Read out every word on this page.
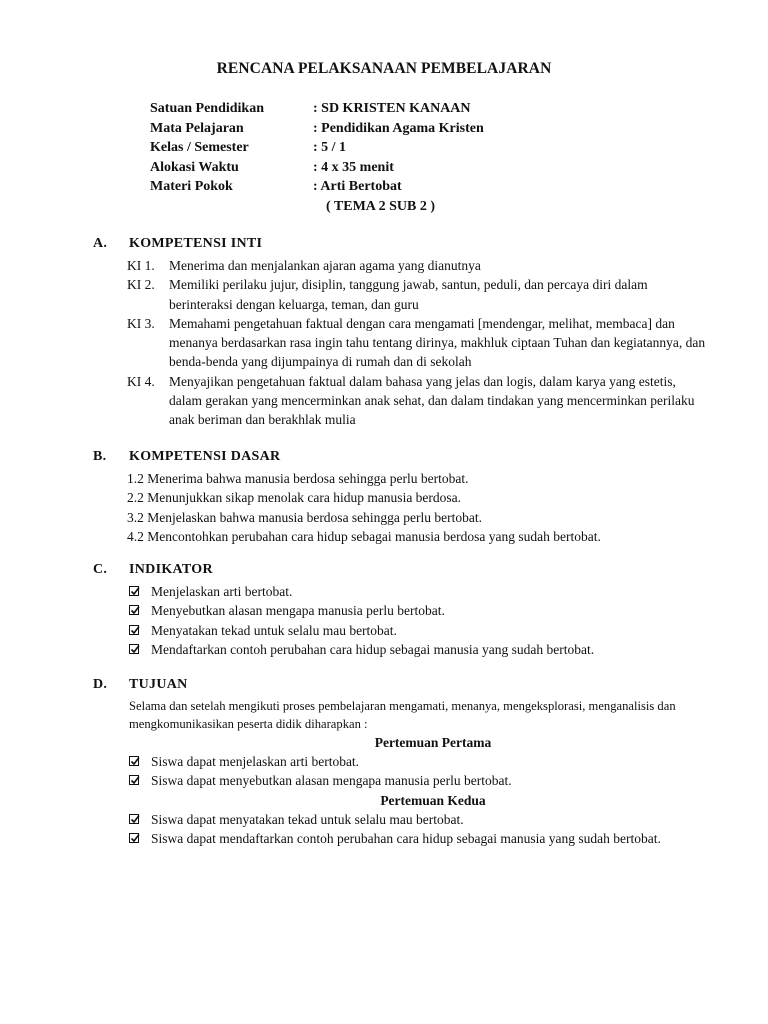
RENCANA PELAKSANAAN PEMBELAJARAN
Satuan Pendidikan	: SD KRISTEN KANAAN
Mata Pelajaran	: Pendidikan Agama Kristen
Kelas / Semester	: 5 / 1
Alokasi Waktu	: 4 x 35 menit
Materi Pokok	: Arti Bertobat
( TEMA 2 SUB 2 )
A. KOMPETENSI INTI
KI 1. Menerima dan menjalankan ajaran agama yang dianutnya
KI 2. Memiliki perilaku jujur, disiplin, tanggung jawab, santun, peduli, dan percaya diri dalam berinteraksi dengan keluarga, teman, dan guru
KI 3. Memahami pengetahuan faktual dengan cara mengamati [mendengar, melihat, membaca] dan menanya berdasarkan rasa ingin tahu tentang dirinya, makhluk ciptaan Tuhan dan kegiatannya, dan benda-benda yang dijumpainya di rumah dan di sekolah
KI 4. Menyajikan pengetahuan faktual dalam bahasa yang jelas dan logis, dalam karya yang estetis, dalam gerakan yang mencerminkan anak sehat, dan dalam tindakan yang mencerminkan perilaku anak beriman dan berakhlak mulia
B. KOMPETENSI DASAR
1.2 Menerima bahwa manusia berdosa sehingga perlu bertobat.
2.2 Menunjukkan sikap menolak cara hidup manusia berdosa.
3.2 Menjelaskan bahwa manusia berdosa sehingga perlu bertobat.
4.2 Mencontohkan perubahan cara hidup sebagai manusia berdosa yang sudah bertobat.
C. INDIKATOR
Menjelaskan arti bertobat.
Menyebutkan alasan mengapa manusia perlu bertobat.
Menyatakan tekad untuk selalu mau bertobat.
Mendaftarkan contoh perubahan cara hidup sebagai manusia yang sudah bertobat.
D. TUJUAN
Selama dan setelah mengikuti proses pembelajaran mengamati, menanya, mengeksplorasi, menganalisis dan mengkomunikasikan peserta didik diharapkan :
Pertemuan Pertama
Siswa dapat menjelaskan arti bertobat.
Siswa dapat menyebutkan alasan mengapa manusia perlu bertobat.
Pertemuan Kedua
Siswa dapat menyatakan tekad untuk selalu mau bertobat.
Siswa dapat mendaftarkan contoh perubahan cara hidup sebagai manusia yang sudah bertobat.
